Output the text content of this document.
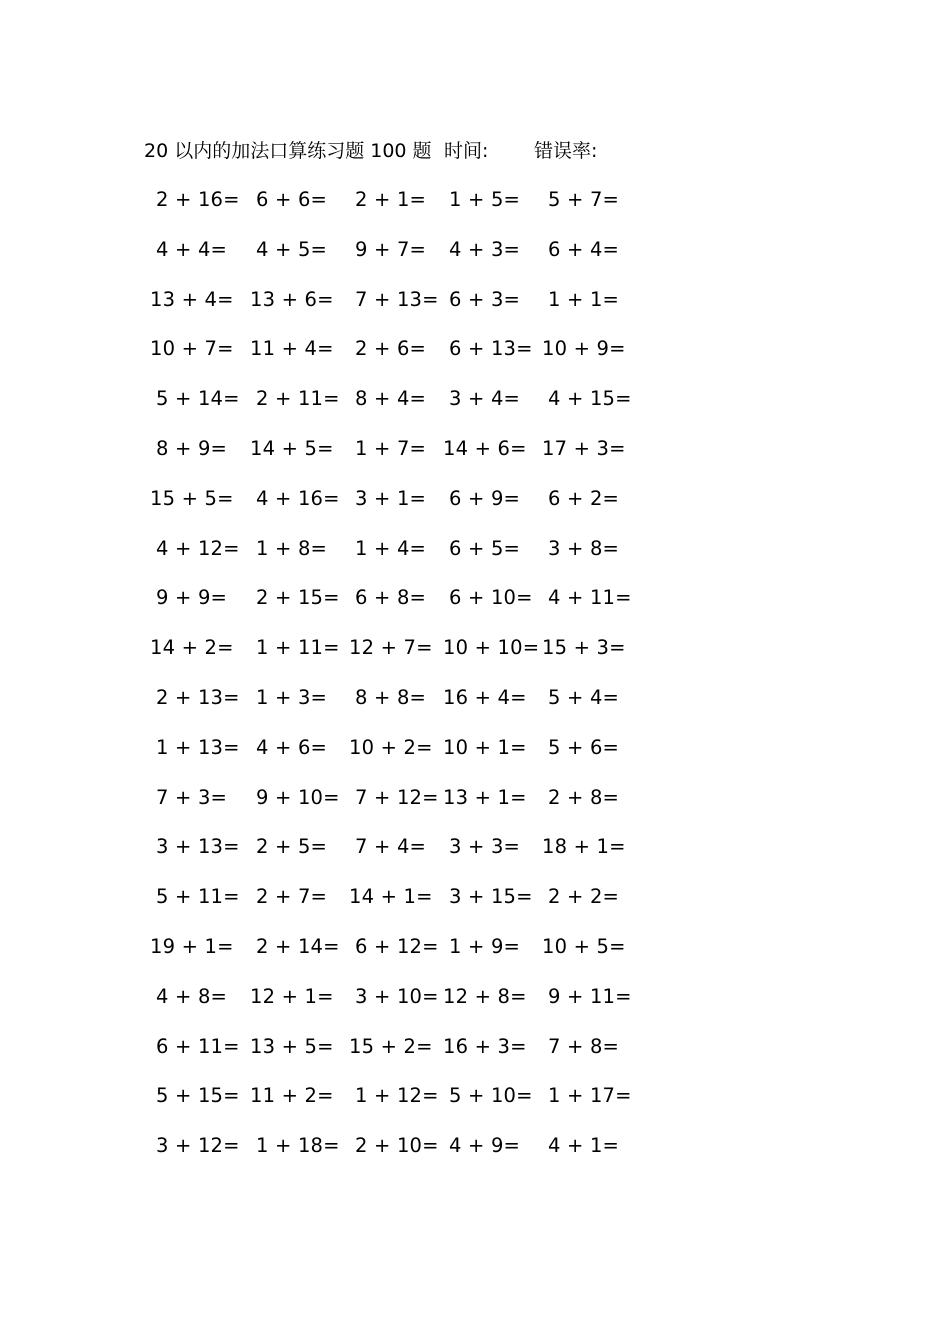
20 以内的加法口算练习题 100 题 时间: 错误率:
2 + 16= 6 + 6= 2 + 1= 1 + 5= 5 + 7=
4 + 4= 4 + 5= 9 + 7= 4 + 3= 6 + 4=
13 + 4= 13 + 6= 7 + 13= 6 + 3= 1 + 1=
10 + 7= 11 + 4= 2 + 6= 6 + 13= 10 + 9=
5 + 14= 2 + 11= 8 + 4= 3 + 4= 4 + 15=
8 + 9= 14 + 5= 1 + 7= 14 + 6= 17 + 3=
15 + 5= 4 + 16= 3 + 1= 6 + 9= 6 + 2=
4 + 12= 1 + 8= 1 + 4= 6 + 5= 3 + 8=
9 + 9= 2 + 15= 6 + 8= 6 + 10= 4 + 11=
14 + 2= 1 + 11= 12 + 7= 10 + 10= 15 + 3=
2 + 13= 1 + 3= 8 + 8= 16 + 4= 5 + 4=
1 + 13= 4 + 6= 10 + 2= 10 + 1= 5 + 6=
7 + 3= 9 + 10= 7 + 12= 13 + 1= 2 + 8=
3 + 13= 2 + 5= 7 + 4= 3 + 3= 18 + 1=
5 + 11= 2 + 7= 14 + 1= 3 + 15= 2 + 2=
19 + 1= 2 + 14= 6 + 12= 1 + 9= 10 + 5=
4 + 8= 12 + 1= 3 + 10= 12 + 8= 9 + 11=
6 + 11= 13 + 5= 15 + 2= 16 + 3= 7 + 8=
5 + 15= 11 + 2= 1 + 12= 5 + 10= 1 + 17=
3 + 12= 1 + 18= 2 + 10= 4 + 9= 4 + 1=
